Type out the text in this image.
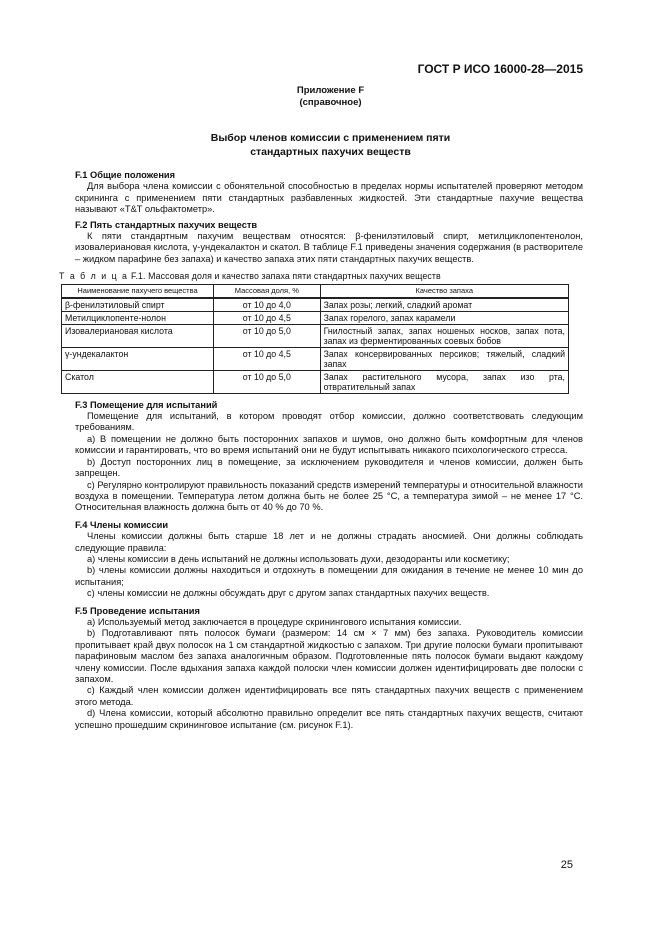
ГОСТ Р ИСО 16000-28—2015
Приложение F
(справочное)
Выбор членов комиссии с применением пяти
стандартных пахучих веществ
F.1 Общие положения

Для выбора члена комиссии с обонятельной способностью в пределах нормы испытателей проверяют методом скрининга с применением пяти стандартных разбавленных жидкостей. Эти стандартные пахучие вещества называют «T&T ольфактометр».

F.2 Пять стандартных пахучих веществ

К пяти стандартным пахучим веществам относятся: β-фенилэтиловый спирт, метилциклопентенолон, изовалериановая кислота, γ-ундекалактон и скатол. В таблице F.1 приведены значения содержания (в растворителе – жидком парафине без запаха) и качество запаха этих пяти стандартных пахучих веществ.

Т а б л и ц а F.1. Массовая доля и качество запаха пяти стандартных пахучих веществ
Наименование пахучего вещества	Массовая доля, %	Качество запаха
β-фенилэтиловый спирт	от 10 до 4,0	Запах розы; легкий, сладкий аромат
Метилциклопенте-нолон	от 10 до 4,5	Запах горелого, запах карамели
Изовалериановая кислота	от 10 до 5,0	Гнилостный запах, запах ношеных носков, запах пота, запах из ферментированных соевых бобов
γ-ундекалактон	от 10 до 4,5	Запах консервированных персиков; тяжелый, сладкий запах
Скатол	от 10 до 5,0	Запах растительного мусора, запах изо рта, отвратительный запах
F.3 Помещение для испытаний

Помещение для испытаний, в котором проводят отбор комиссии, должно соответствовать следующим требованиям.

а) В помещении не должно быть посторонних запахов и шумов, оно должно быть комфортным для членов комиссии и гарантировать, что во время испытаний они не будут испытывать никакого психологического стресса.

b) Доступ посторонних лиц в помещение, за исключением руководителя и членов комиссии, должен быть запрещен.

c) Регулярно контролируют правильность показаний средств измерений температуры и относительной влажности воздуха в помещении. Температура летом должна быть не более 25 °С, а температура зимой – не менее 17 °С. Относительная влажность должна быть от 40 % до 70 %.

F.4 Члены комиссии

Члены комиссии должны быть старше 18 лет и не должны страдать аносмией. Они должны соблюдать следующие правила:

а) члены комиссии в день испытаний не должны использовать духи, дезодоранты или косметику;

b) члены комиссии должны находиться и отдохнуть в помещении для ожидания в течение не менее 10 мин до испытания;

c) члены комиссии не должны обсуждать друг с другом запах стандартных пахучих веществ.

F.5 Проведение испытания

а) Используемый метод заключается в процедуре скринингового испытания комиссии.

b) Подготавливают пять полосок бумаги (размером: 14 см × 7 мм) без запаха. Руководитель комиссии пропитывает край двух полосок на 1 см стандартной жидкостью с запахом. Три другие полоски бумаги пропитывают парафиновым маслом без запаха аналогичным образом. Подготовленные пять полосок бумаги выдают каждому члену комиссии. После вдыхания запаха каждой полоски член комиссии должен идентифицировать две полоски с запахом.

c) Каждый член комиссии должен идентифицировать все пять стандартных пахучих веществ с применением этого метода.

d) Члена комиссии, который абсолютно правильно определит все пять стандартных пахучих веществ, считают успешно прошедшим скрининговое испытание (см. рисунок F.1).

25
